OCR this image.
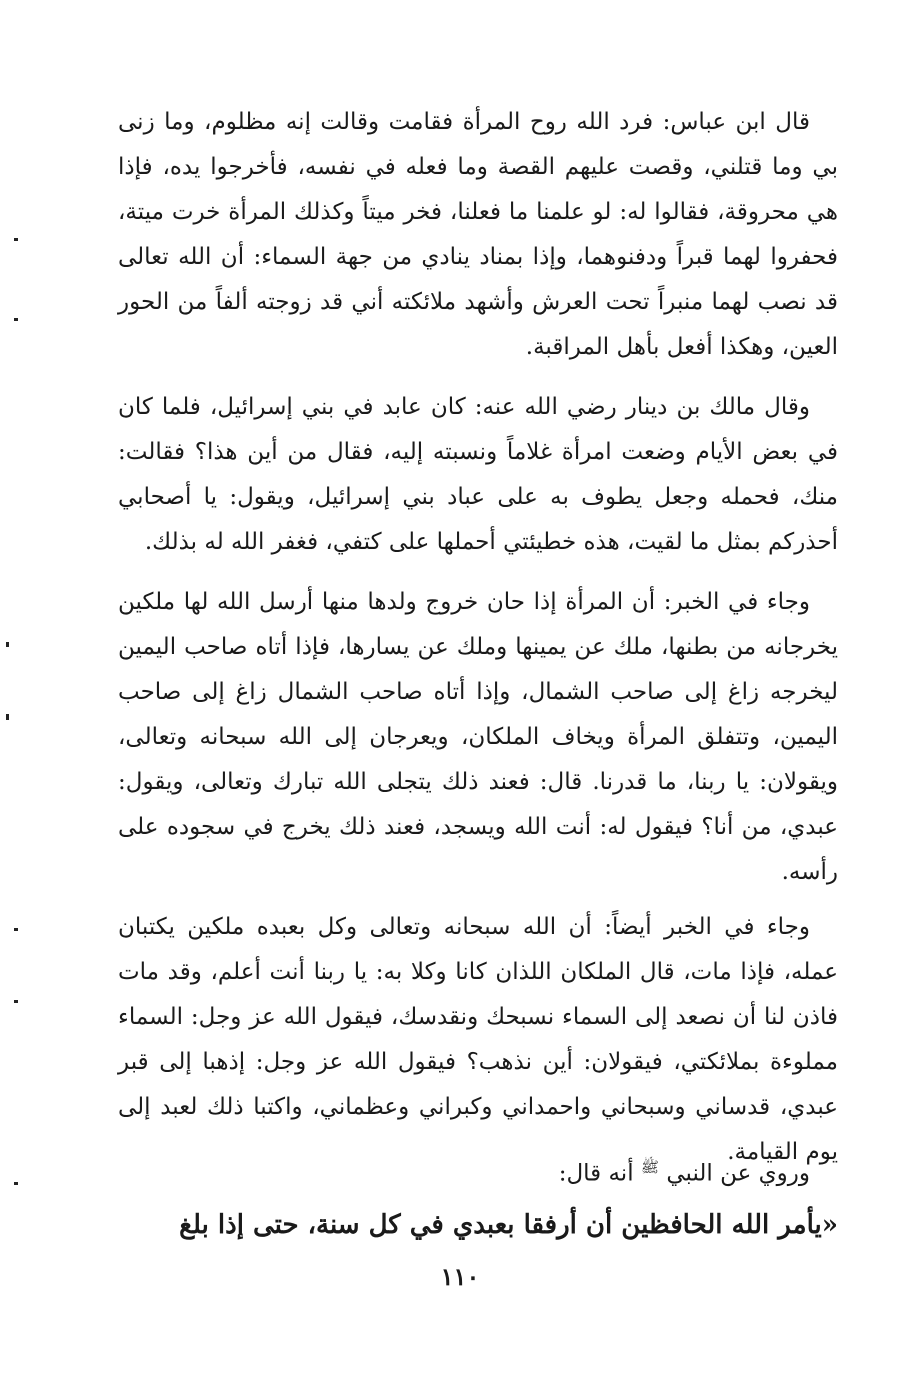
قال ابن عباس: فرد الله روح المرأة فقامت وقالت إنه مظلوم، وما زنى بي وما قتلني، وقصت عليهم القصة وما فعله في نفسه، فأخرجوا يده، فإذا هي محروقة، فقالوا له: لو علمنا ما فعلنا، فخر ميتاً وكذلك المرأة خرت ميتة، فحفروا لهما قبراً ودفنوهما، وإذا بمناد ينادي من جهة السماء: أن الله تعالى قد نصب لهما منبراً تحت العرش وأشهد ملائكته أني قد زوجته ألفاً من الحور العين، وهكذا أفعل بأهل المراقبة.

وقال مالك بن دينار رضي الله عنه: كان عابد في بني إسرائيل، فلما كان في بعض الأيام وضعت امرأة غلاماً ونسبته إليه، فقال من أين هذا؟ فقالت: منك، فحمله وجعل يطوف به على عباد بني إسرائيل، ويقول: يا أصحابي أحذركم بمثل ما لقيت، هذه خطيئتي أحملها على كتفي، فغفر الله له بذلك.

وجاء في الخبر: أن المرأة إذا حان خروج ولدها منها أرسل الله لها ملكين يخرجانه من بطنها، ملك عن يمينها وملك عن يسارها، فإذا أتاه صاحب اليمين ليخرجه زاغ إلى صاحب الشمال، وإذا أتاه صاحب الشمال زاغ إلى صاحب اليمين، وتتفلق المرأة ويخاف الملكان، ويعرجان إلى الله سبحانه وتعالى، ويقولان: يا ربنا، ما قدرنا. قال: فعند ذلك يتجلى الله تبارك وتعالى، ويقول: عبدي، من أنا؟ فيقول له: أنت الله ويسجد، فعند ذلك يخرج في سجوده على رأسه.

وجاء في الخبر أيضاً: أن الله سبحانه وتعالى وكل بعبده ملكين يكتبان عمله، فإذا مات، قال الملكان اللذان كانا وكلا به: يا ربنا أنت أعلم، وقد مات فاذن لنا أن نصعد إلى السماء نسبحك ونقدسك، فيقول الله عز وجل: السماء مملوءة بملائكتي، فيقولان: أين نذهب؟ فيقول الله عز وجل: إذهبا إلى قبر عبدي، قدساني وسبحاني واحمداني وكبراني وعظماني، واكتبا ذلك لعبد إلى يوم القيامة.

وروي عن النبي $^ﷺ$ أنه قال:

«يأمر الله الحافظين أن أرفقا بعبدي في كل سنة، حتى إذا بلغ
١١٠
